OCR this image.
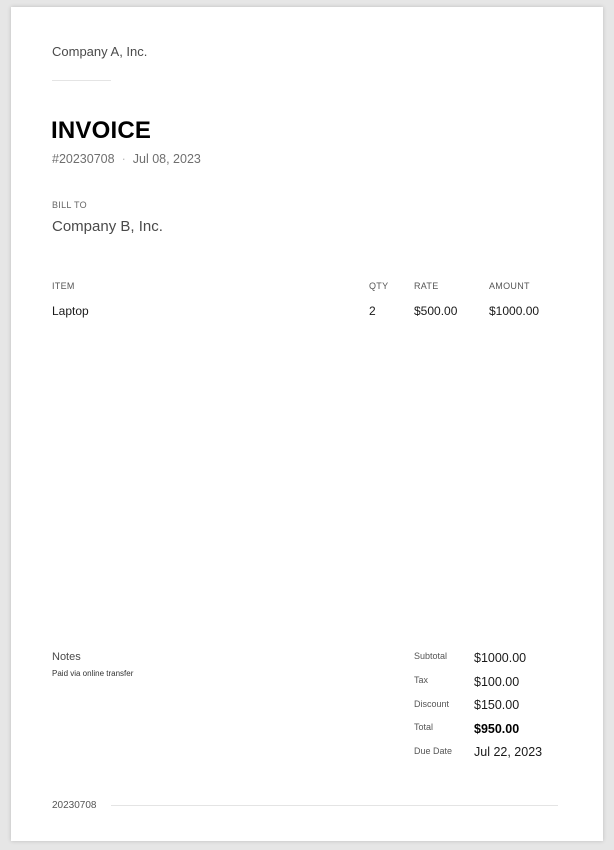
Company A, Inc.
INVOICE
#20230708 · Jul 08, 2023
BILL TO
Company B, Inc.
ITEM	QTY	RATE	AMOUNT
Laptop	2	$500.00	$1000.00
Notes
Paid via online transfer
Subtotal $1000.00
Tax	$100.00
Discount $150.00
Total	$950.00
Due Date Jul 22, 2023
20230708
